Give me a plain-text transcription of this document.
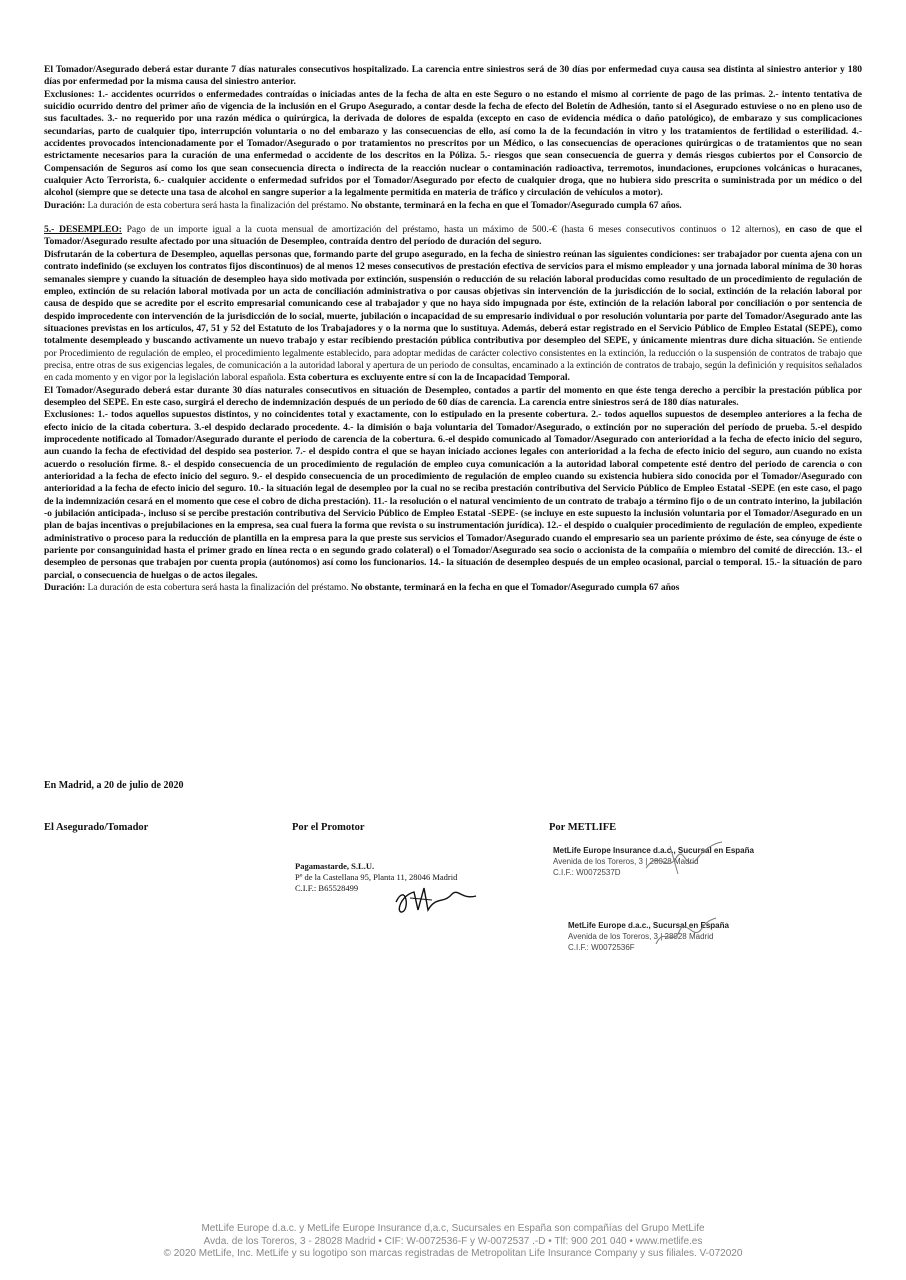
El Tomador/Asegurado deberá estar durante 7 días naturales consecutivos hospitalizado. La carencia entre siniestros será de 30 días por enfermedad cuya causa sea distinta al siniestro anterior y 180 días por enfermedad por la misma causa del siniestro anterior.

Exclusiones: 1.- accidentes ocurridos o enfermedades contraídas o iniciadas antes de la fecha de alta en este Seguro o no estando el mismo al corriente de pago de las primas. 2.- intento tentativa de suicidio ocurrido dentro del primer año de vigencia de la inclusión en el Grupo Asegurado, a contar desde la fecha de efecto del Boletín de Adhesión, tanto si el Asegurado estuviese o no en pleno uso de sus facultades. 3.- no requerido por una razón médica o quirúrgica, la derivada de dolores de espalda (excepto en caso de evidencia médica o daño patológico), de embarazo y sus complicaciones secundarias, parto de cualquier tipo, interrupción voluntaria o no del embarazo y las consecuencias de ello, así como la de la fecundación in vitro y los tratamientos de fertilidad o esterilidad. 4.- accidentes provocados intencionadamente por el Tomador/Asegurado o por tratamientos no prescritos por un Médico, o las consecuencias de operaciones quirúrgicas o de tratamientos que no sean estrictamente necesarios para la curación de una enfermedad o accidente de los descritos en la Póliza. 5.- riesgos que sean consecuencia de guerra y demás riesgos cubiertos por el Consorcio de Compensación de Seguros así como los que sean consecuencia directa o indirecta de la reacción nuclear o contaminación radioactiva, terremotos, inundaciones, erupciones volcánicas o huracanes, cualquier Acto Terrorista, 6.- cualquier accidente o enfermedad sufridos por el Tomador/Asegurado por efecto de cualquier droga, que no hubiera sido prescrita o suministrada por un médico o del alcohol (siempre que se detecte una tasa de alcohol en sangre superior a la legalmente permitida en materia de tráfico y circulación de vehículos a motor).

Duración: La duración de esta cobertura será hasta la finalización del préstamo. No obstante, terminará en la fecha en que el Tomador/Asegurado cumpla 67 años.

5.- DESEMPLEO: Pago de un importe igual a la cuota mensual de amortización del préstamo, hasta un máximo de 500.-€ (hasta 6 meses consecutivos continuos o 12 alternos), en caso de que el Tomador/Asegurado resulte afectado por una situación de Desempleo, contraída dentro del período de duración del seguro.

Disfrutarán de la cobertura de Desempleo, aquellas personas que, formando parte del grupo asegurado, en la fecha de siniestro reúnan las siguientes condiciones: ser trabajador por cuenta ajena con un contrato indefinido (se excluyen los contratos fijos discontinuos) de al menos 12 meses consecutivos de prestación efectiva de servicios para el mismo empleador y una jornada laboral mínima de 30 horas semanales siempre y cuando la situación de desempleo haya sido motivada por extinción, suspensión o reducción de su relación laboral producidas como resultado de un procedimiento de regulación de empleo, extinción de su relación laboral motivada por un acta de conciliación administrativa o por causas objetivas sin intervención de la jurisdicción de lo social, extinción de la relación laboral por causa de despido que se acredite por el escrito empresarial comunicando cese al trabajador y que no haya sido impugnada por éste, extinción de la relación laboral por conciliación o por sentencia de despido improcedente con intervención de la jurisdicción de lo social, muerte, jubilación o incapacidad de su empresario individual o por resolución voluntaria por parte del Tomador/Asegurado ante las situaciones previstas en los artículos, 47, 51 y 52 del Estatuto de los Trabajadores y o la norma que lo sustituya. Además, deberá estar registrado en el Servicio Público de Empleo Estatal (SEPE), como totalmente desempleado y buscando activamente un nuevo trabajo y estar recibiendo prestación pública contributiva por desempleo del SEPE, y únicamente mientras dure dicha situación. Se entiende por Procedimiento de regulación de empleo, el procedimiento legalmente establecido, para adoptar medidas de carácter colectivo consistentes en la extinción, la reducción o la suspensión de contratos de trabajo que precisa, entre otras de sus exigencias legales, de comunicación a la autoridad laboral y apertura de un periodo de consultas, encaminado a la extinción de contratos de trabajo, según la definición y requisitos señalados en cada momento y en vigor por la legislación laboral española. Esta cobertura es excluyente entre sí con la de Incapacidad Temporal.

El Tomador/Asegurado deberá estar durante 30 días naturales consecutivos en situación de Desempleo, contados a partir del momento en que éste tenga derecho a percibir la prestación pública por desempleo del SEPE. En este caso, surgirá el derecho de indemnización después de un periodo de 60 días de carencia. La carencia entre siniestros será de 180 días naturales.

Exclusiones: 1.- todos aquellos supuestos distintos, y no coincidentes total y exactamente, con lo estipulado en la presente cobertura. 2.- todos aquellos supuestos de desempleo anteriores a la fecha de efecto inicio de la citada cobertura. 3.-el despido declarado procedente. 4.- la dimisión o baja voluntaria del Tomador/Asegurado, o extinción por no superación del período de prueba. 5.-el despido improcedente notificado al Tomador/Asegurado durante el periodo de carencia de la cobertura. 6.-el despido comunicado al Tomador/Asegurado con anterioridad a la fecha de efecto inicio del seguro, aun cuando la fecha de efectividad del despido sea posterior. 7.- el despido contra el que se hayan iniciado acciones legales con anterioridad a la fecha de efecto inicio del seguro, aun cuando no exista acuerdo o resolución firme. 8.- el despido consecuencia de un procedimiento de regulación de empleo cuya comunicación a la autoridad laboral competente esté dentro del periodo de carencia o con anterioridad a la fecha de efecto inicio del seguro. 9.- el despido consecuencia de un procedimiento de regulación de empleo cuando su existencia hubiera sido conocida por el Tomador/Asegurado con anterioridad a la fecha de efecto inicio del seguro. 10.- la situación legal de desempleo por la cual no se reciba prestación contributiva del Servicio Público de Empleo Estatal -SEPE (en este caso, el pago de la indemnización cesará en el momento que cese el cobro de dicha prestación). 11.- la resolución o el natural vencimiento de un contrato de trabajo a término fijo o de un contrato interino, la jubilación -o jubilación anticipada-, incluso si se percibe prestación contributiva del Servicio Público de Empleo Estatal -SEPE- (se incluye en este supuesto la inclusión voluntaria por el Tomador/Asegurado en un plan de bajas incentivas o prejubilaciones en la empresa, sea cual fuera la forma que revista o su instrumentación jurídica). 12.- el despido o cualquier procedimiento de regulación de empleo, expediente administrativo o proceso para la reducción de plantilla en la empresa para la que preste sus servicios el Tomador/Asegurado cuando el empresario sea un pariente próximo de éste, sea cónyuge de éste o pariente por consanguinidad hasta el primer grado en línea recta o en segundo grado colateral) o el Tomador/Asegurado sea socio o accionista de la compañía o miembro del comité de dirección. 13.- el desempleo de personas que trabajen por cuenta propia (autónomos) así como los funcionarios. 14.- la situación de desempleo después de un empleo ocasional, parcial o temporal. 15.- la situación de paro parcial, o consecuencia de huelgas o de actos ilegales.

Duración: La duración de esta cobertura será hasta la finalización del préstamo. No obstante, terminará en la fecha en que el Tomador/Asegurado cumpla 67 años

En Madrid, a 20 de julio de 2020
El Asegurado/Tomador	Por el Promotor	Por METLIFE
Pagamastarde, S.L.U.
Pº de la Castellana 95, Planta 11, 28046 Madrid
C.I.F.: B65528499
MetLife Europe Insurance d.a.c., Sucursal en España
Avenida de los Toreros, 3 | 28028 Madrid
C.I.F.: W0072537D
MetLife Europe d.a.c., Sucursal en España
Avenida de los Toreros, 3 | 28028 Madrid
C.I.F.: W0072536F
MetLife Europe d.a.c. y MetLife Europe Insurance d,a.c, Sucursales en España son compañías del Grupo MetLife
Avda. de los Toreros, 3 - 28028 Madrid • CIF: W-0072536-F y W-0072537 .-D • Tlf: 900 201 040 • www.metlife.es
© 2020 MetLife, Inc. MetLife y su logotipo son marcas registradas de Metropolitan Life Insurance Company y sus filiales. V-072020
